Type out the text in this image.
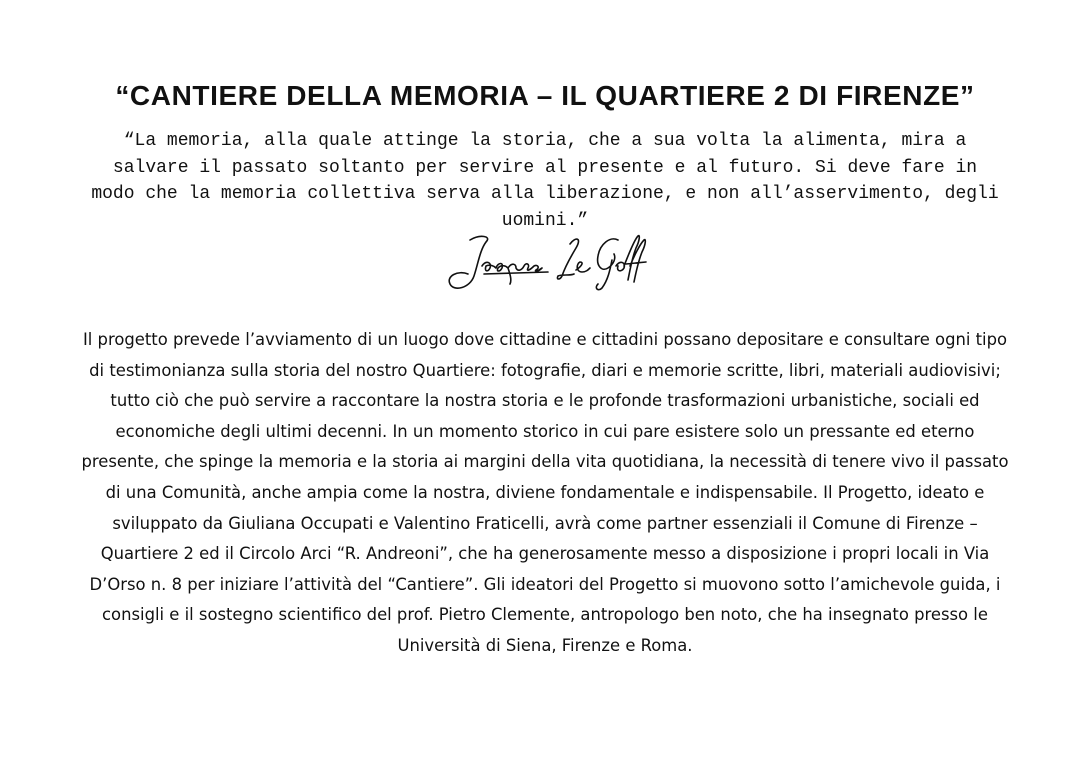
“CANTIERE DELLA MEMORIA – IL QUARTIERE 2 DI FIRENZE”

“La memoria, alla quale attinge la storia, che a sua volta la alimenta, mira a salvare il passato soltanto per servire al presente e al futuro. Si deve fare in modo che la memoria collettiva serva alla liberazione, e non all’asservimento, degli uomini.”

Il progetto prevede l’avviamento di un luogo dove cittadine e cittadini possano depositare e consultare ogni tipo di testimonianza sulla storia del nostro Quartiere: fotografie, diari e memorie scritte, libri, materiali audiovisivi; tutto ciò che può servire a raccontare la nostra storia e le profonde trasformazioni urbanistiche, sociali ed economiche degli ultimi decenni. In un momento storico in cui pare esistere solo un pressante ed eterno presente, che spinge la memoria e la storia ai margini della vita quotidiana, la necessità di tenere vivo il passato di una Comunità, anche ampia come la nostra, diviene fondamentale e indispensabile. Il Progetto, ideato e sviluppato da Giuliana Occupati e Valentino Fraticelli, avrà come partner essenziali il Comune di Firenze – Quartiere 2 ed il Circolo Arci “R. Andreoni”, che ha generosamente messo a disposizione i propri locali in Via D’Orso n. 8 per iniziare l’attività del “Cantiere”. Gli ideatori del Progetto si muovono sotto l’amichevole guida, i consigli e il sostegno scientifico del prof. Pietro Clemente, antropologo ben noto, che ha insegnato presso le Università di Siena, Firenze e Roma.
